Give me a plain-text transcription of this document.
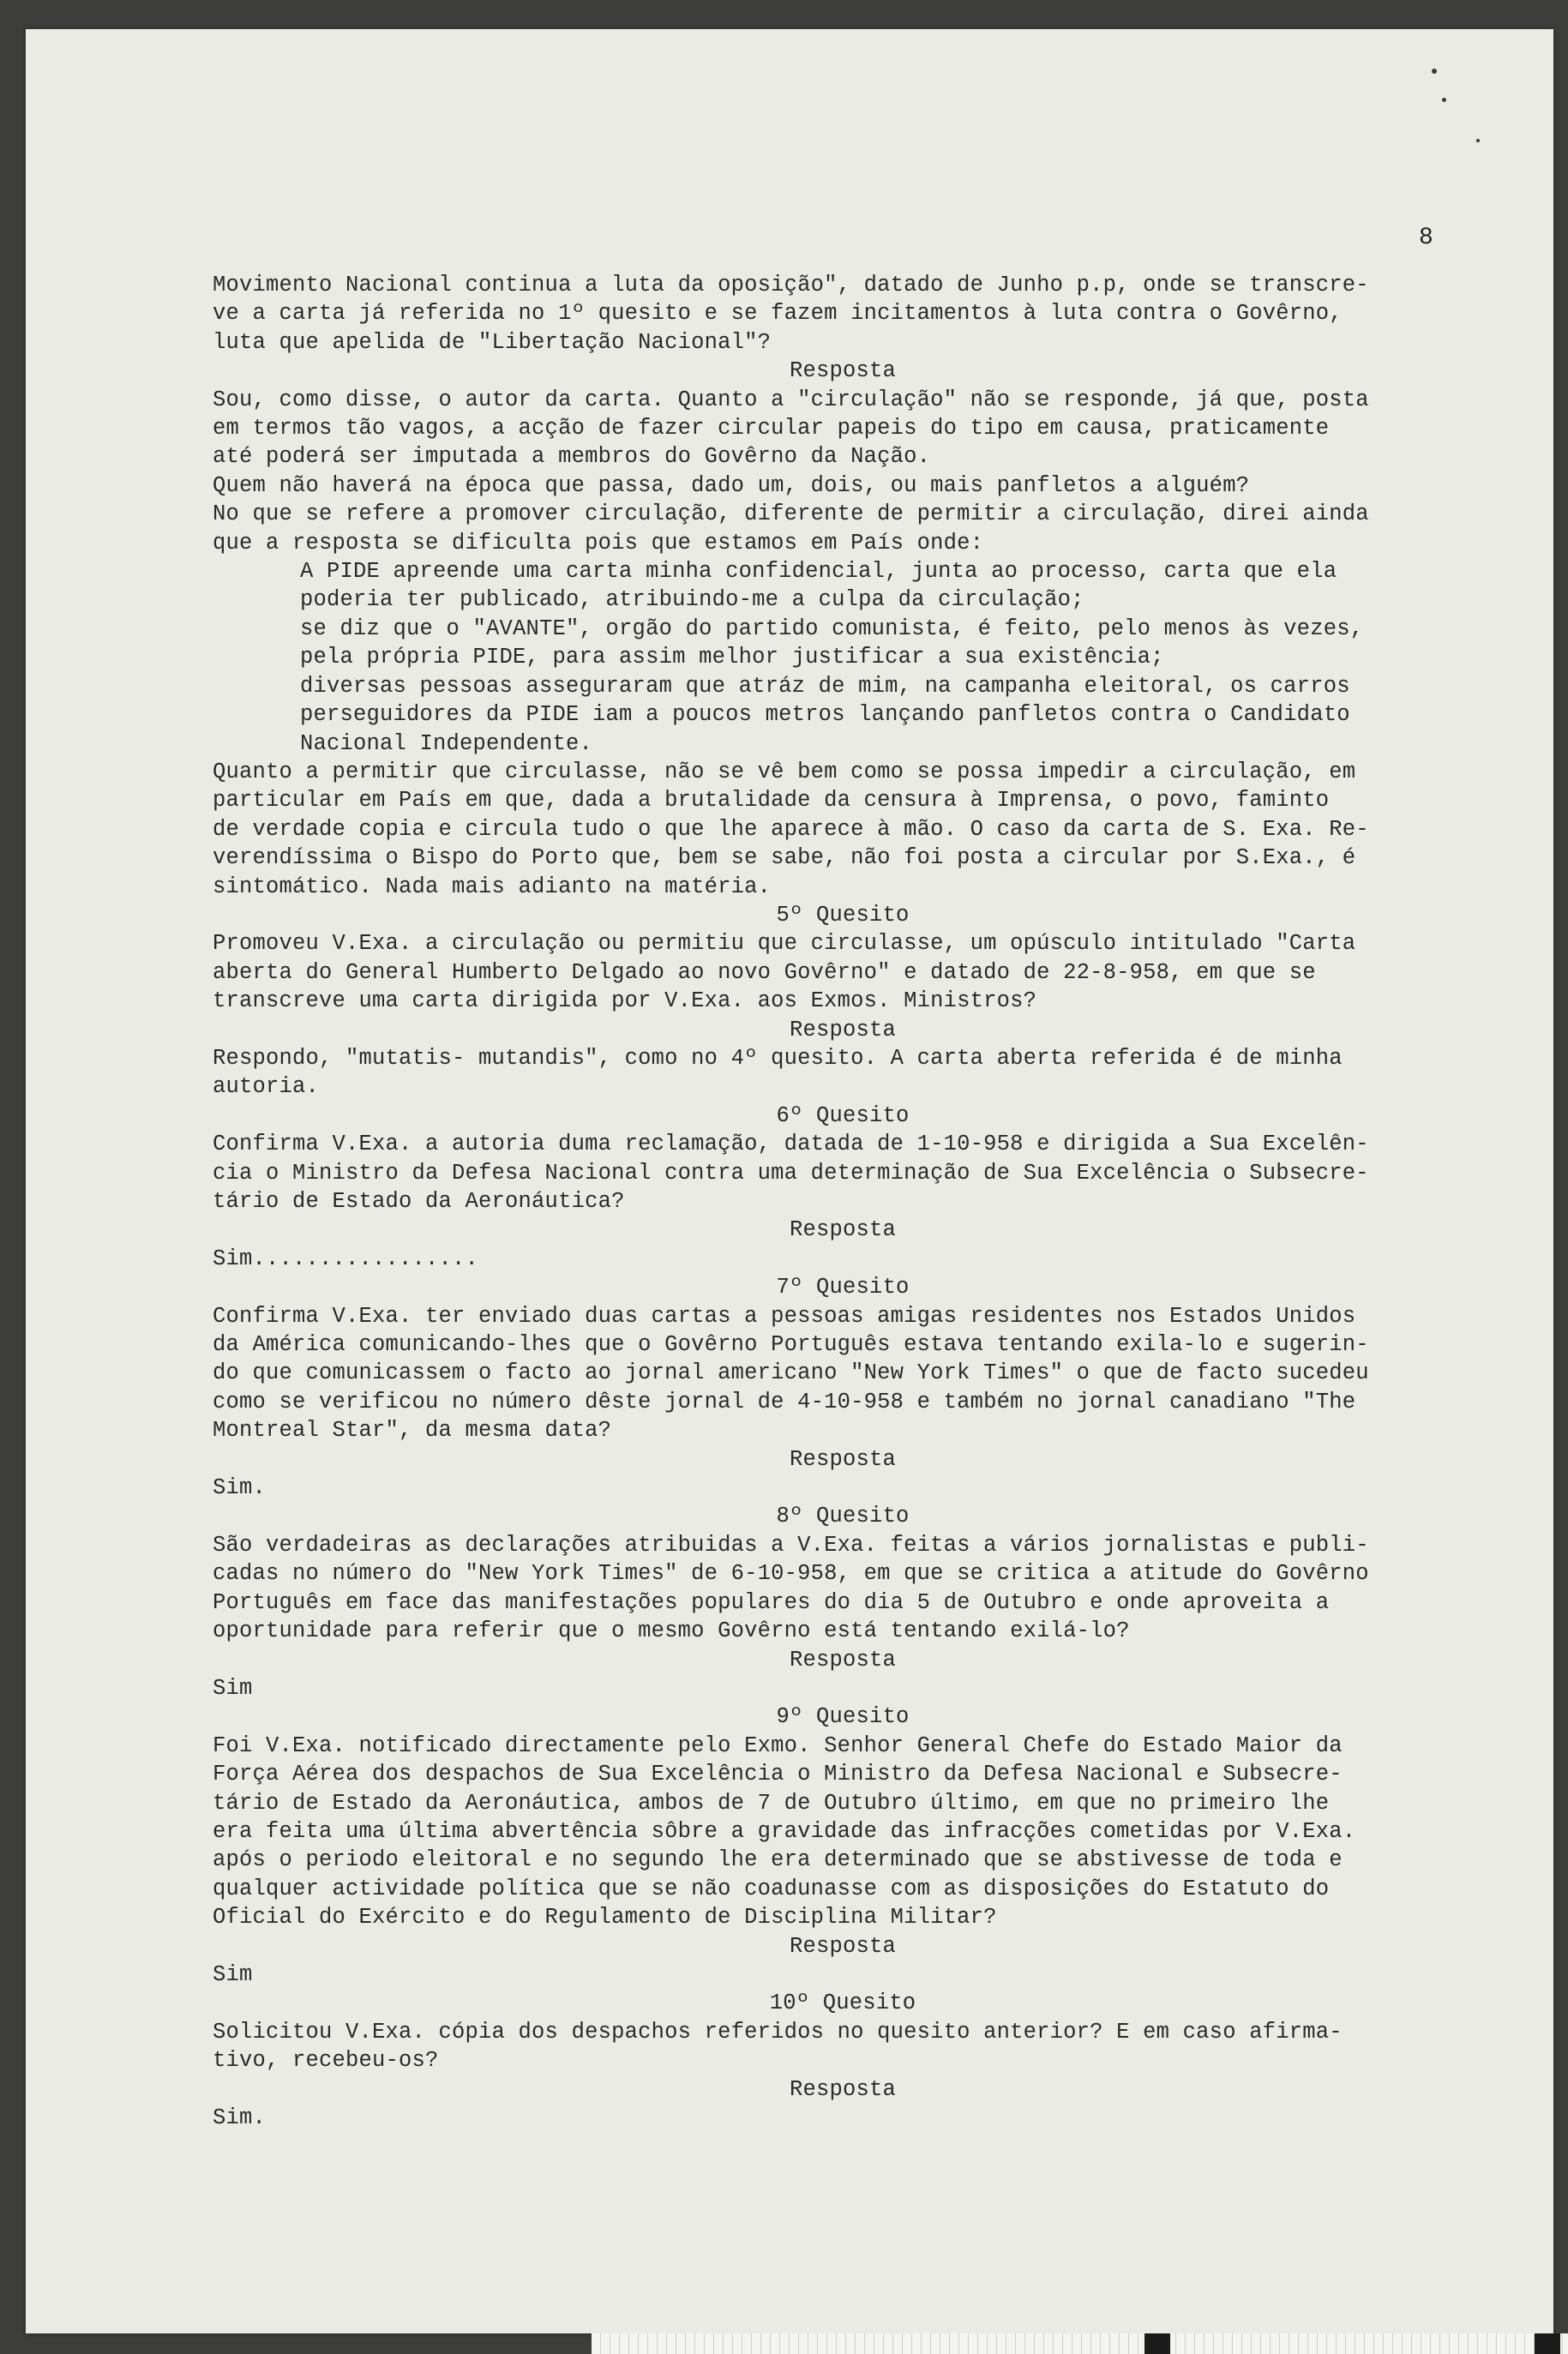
8
Movimento Nacional continua a luta da oposição", datado de Junho p.p, onde se transcre-
ve a carta já referida no 1º quesito e se fazem incitamentos à luta contra o Govêrno,
luta que apelida de "Libertação Nacional"?
Resposta
Sou, como disse, o autor da carta. Quanto a "circulação" não se responde, já que, posta
em termos tão vagos, a acção de fazer circular papeis do tipo em causa, praticamente
até poderá ser imputada a membros do Govêrno da Nação.
Quem não haverá na época que passa, dado um, dois, ou mais panfletos a alguém?
No que se refere a promover circulação, diferente de permitir a circulação, direi ainda
que a resposta se dificulta pois que estamos em País onde:
A PIDE apreende uma carta minha confidencial, junta ao processo, carta que ela
poderia ter publicado, atribuindo-me a culpa da circulação;
se diz que o "AVANTE", orgão do partido comunista, é feito, pelo menos às vezes,
pela própria PIDE, para assim melhor justificar a sua existência;
diversas pessoas asseguraram que atráz de mim, na campanha eleitoral, os carros
perseguidores da PIDE iam a poucos metros lançando panfletos contra o Candidato
Nacional Independente.
Quanto a permitir que circulasse, não se vê bem como se possa impedir a circulação, em
particular em País em que, dada a brutalidade da censura à Imprensa, o povo, faminto
de verdade copia e circula tudo o que lhe aparece à mão. O caso da carta de S. Exa. Re-
verendíssima o Bispo do Porto que, bem se sabe, não foi posta a circular por S.Exa., é
sintomático. Nada mais adianto na matéria.
5º Quesito
Promoveu V.Exa. a circulação ou permitiu que circulasse, um opúsculo intitulado "Carta
aberta do General Humberto Delgado ao novo Govêrno" e datado de 22-8-958, em que se
transcreve uma carta dirigida por V.Exa. aos Exmos. Ministros?
Resposta
Respondo, "mutatis- mutandis", como no 4º quesito. A carta aberta referida é de minha
autoria.
6º Quesito
Confirma V.Exa. a autoria duma reclamação, datada de 1-10-958 e dirigida a Sua Excelên-
cia o Ministro da Defesa Nacional contra uma determinação de Sua Excelência o Subsecre-
tário de Estado da Aeronáutica?
Resposta
Sim.................
7º Quesito
Confirma V.Exa. ter enviado duas cartas a pessoas amigas residentes nos Estados Unidos
da América comunicando-lhes que o Govêrno Português estava tentando exila-lo e sugerin-
do que comunicassem o facto ao jornal americano "New York Times" o que de facto sucedeu
como se verificou no número dêste jornal de 4-10-958 e também no jornal canadiano "The
Montreal Star", da mesma data?
Resposta
Sim.
8º Quesito
São verdadeiras as declarações atribuidas a V.Exa. feitas a vários jornalistas e publi-
cadas no número do "New York Times" de 6-10-958, em que se critica a atitude do Govêrno
Português em face das manifestações populares do dia 5 de Outubro e onde aproveita a
oportunidade para referir que o mesmo Govêrno está tentando exilá-lo?
Resposta
Sim
9º Quesito
Foi V.Exa. notificado directamente pelo Exmo. Senhor General Chefe do Estado Maior da
Força Aérea dos despachos de Sua Excelência o Ministro da Defesa Nacional e Subsecre-
tário de Estado da Aeronáutica, ambos de 7 de Outubro último, em que no primeiro lhe
era feita uma última abvertência sôbre a gravidade das infracções cometidas por V.Exa.
após o periodo eleitoral e no segundo lhe era determinado que se abstivesse de toda e
qualquer actividade política que se não coadunasse com as disposições do Estatuto do
Oficial do Exército e do Regulamento de Disciplina Militar?
Resposta
Sim
10º Quesito
Solicitou V.Exa. cópia dos despachos referidos no quesito anterior? E em caso afirma-
tivo, recebeu-os?
Resposta
Sim.
